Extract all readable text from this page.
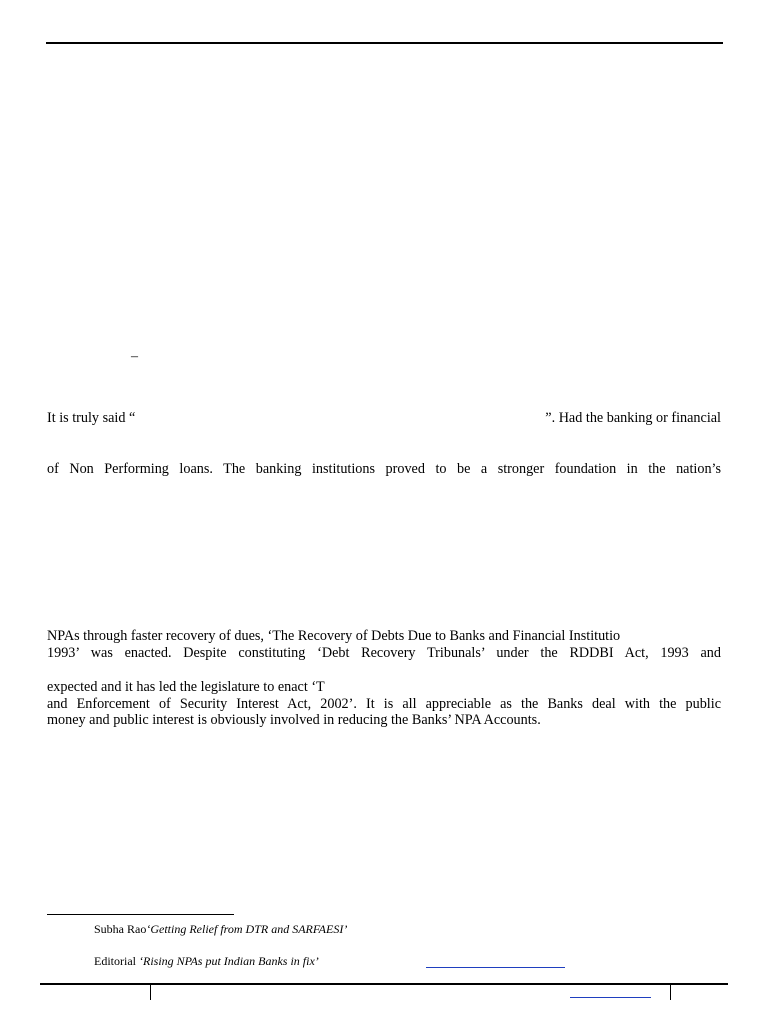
–
It is truly said “	”. Had the banking or financial
of Non Performing loans. The banking institutions proved to be a stronger foundation in the nation’s
NPAs through faster recovery of dues, ‘The Recovery of Debts Due to Banks and Financial Institutio
1993’ was enacted. Despite constituting ‘Debt Recovery Tribunals’ under the RDDBI Act, 1993 and
expected and it has led the legislature to enact ‘T
and Enforcement of Security Interest Act, 2002’. It is all appreciable as the Banks deal with the public
money and public interest is obviously involved in reducing the Banks’ NPA Accounts.
Subha Rao‘Getting Relief from DTR and SARFAESI’
Editorial ‘Rising NPAs put Indian Banks in fix’
